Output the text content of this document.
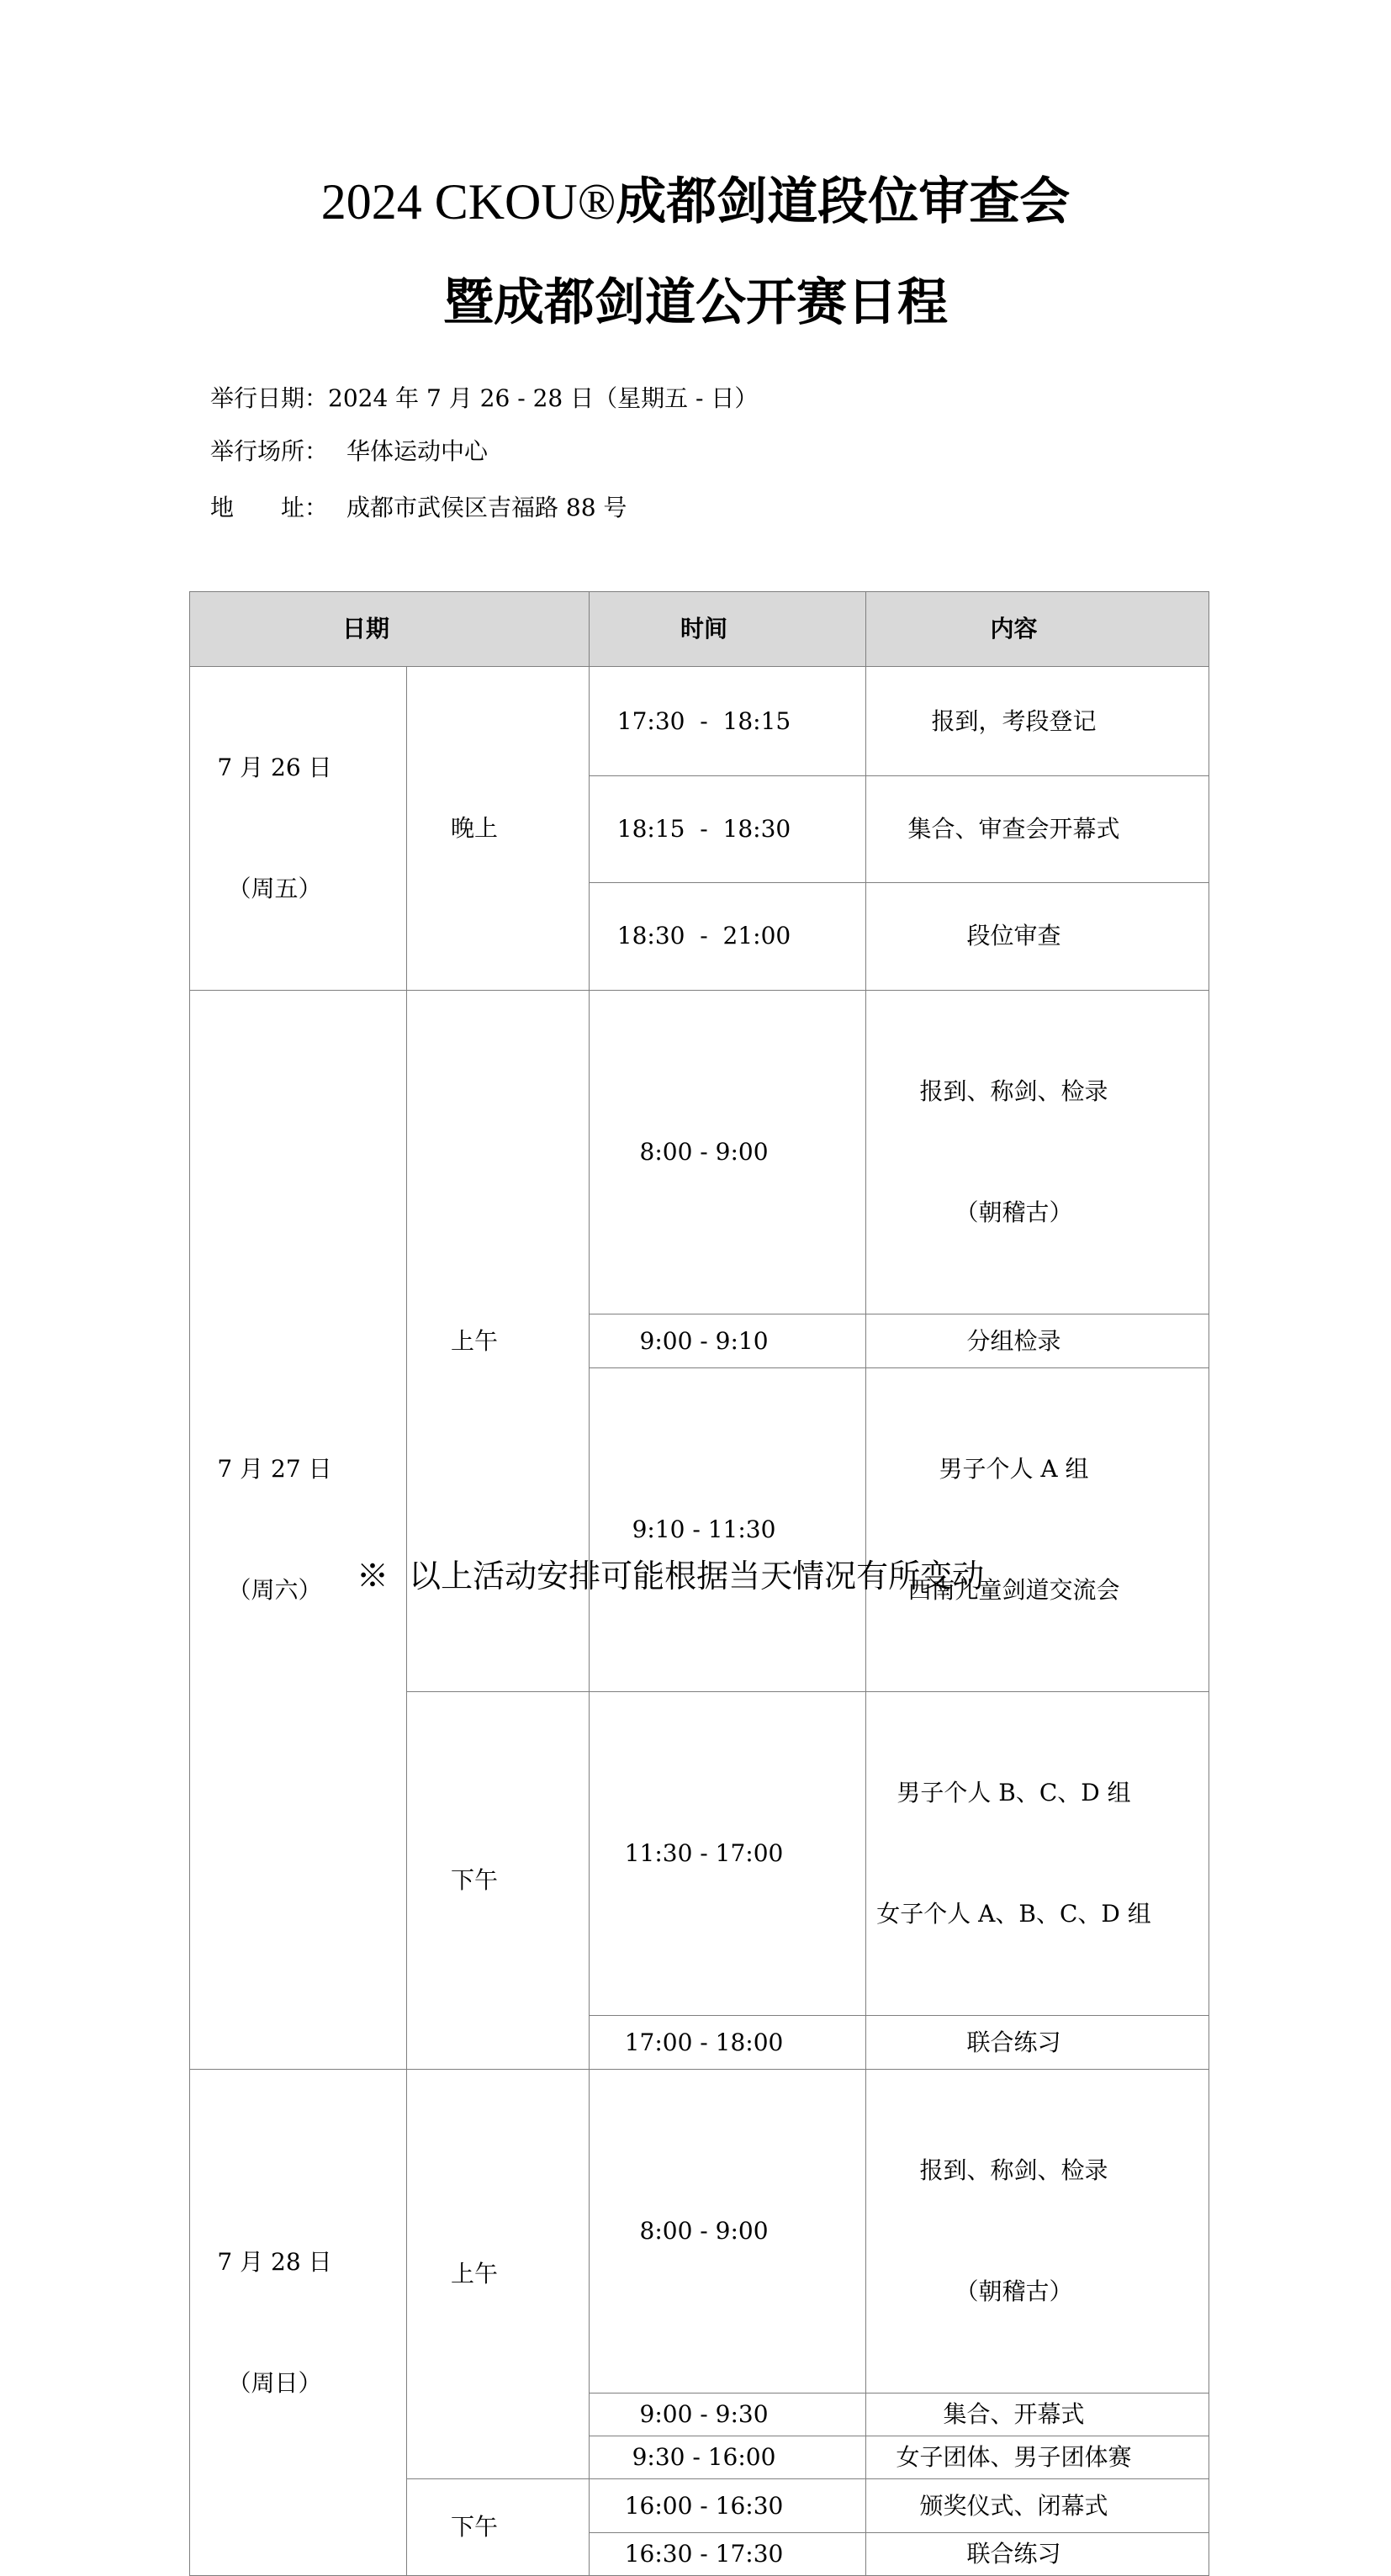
2024 CKOU®成都剑道段位审查会
暨成都剑道公开赛日程
举行日期：2024 年 7 月 26 - 28 日（星期五 - 日）
举行场所： 华体运动中心
地　　址： 成都市武侯区吉福路 88 号
日期		时间	内容

7 月 26 日

（周五）	晚上	17:30  -  18:15	报到，考段登记

		18:15  -  18:30	集合、审查会开幕式

		18:30  -  21:00	段位审查

7 月 27 日

（周六）	上午	8:00 - 9:00	报到、称剑、检录

（朝稽古）

		9:00 - 9:10	分组检录

		9:10 - 11:30	男子个人 A 组

西南儿童剑道交流会

	下午	11:30 - 17:00	男子个人 B、C、D 组

女子个人 A、B、C、D 组

		17:00 - 18:00	联合练习

7 月 28 日

（周日）	上午	8:00 - 9:00	报到、称剑、检录

（朝稽古）

		9:00 - 9:30	集合、开幕式

		9:30 - 16:00	女子团体、男子团体赛

	下午	16:00 - 16:30	颁奖仪式、闭幕式

		16:30 - 17:30	联合练习
※  以上活动安排可能根据当天情况有所变动
